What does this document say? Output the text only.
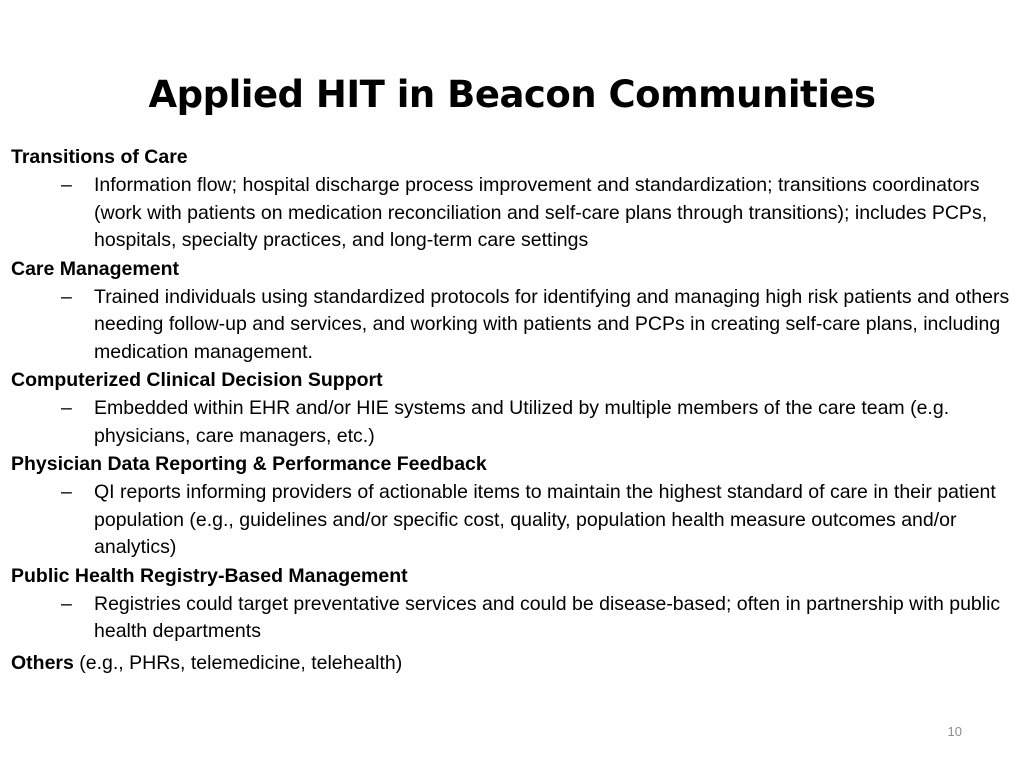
Applied HIT in Beacon Communities

Transitions of Care

– Information flow; hospital discharge process improvement and standardization; transitions coordinators (work with patients on medication reconciliation and self-care plans through transitions); includes PCPs, hospitals, specialty practices, and long-term care settings

Care Management

– Trained individuals using standardized protocols for identifying and managing high risk patients and others needing follow-up and services, and working with patients and PCPs in creating self-care plans, including medication management.

Computerized Clinical Decision Support

– Embedded within EHR and/or HIE systems and Utilized by multiple members of the care team (e.g. physicians, care managers, etc.)

Physician Data Reporting & Performance Feedback

– QI reports informing providers of actionable items to maintain the highest standard of care in their patient population (e.g., guidelines and/or specific cost, quality, population health measure outcomes and/or analytics)

Public Health Registry-Based Management

– Registries could target preventative services and could be disease-based; often in partnership with public health departments

Others (e.g., PHRs, telemedicine, telehealth)

10
